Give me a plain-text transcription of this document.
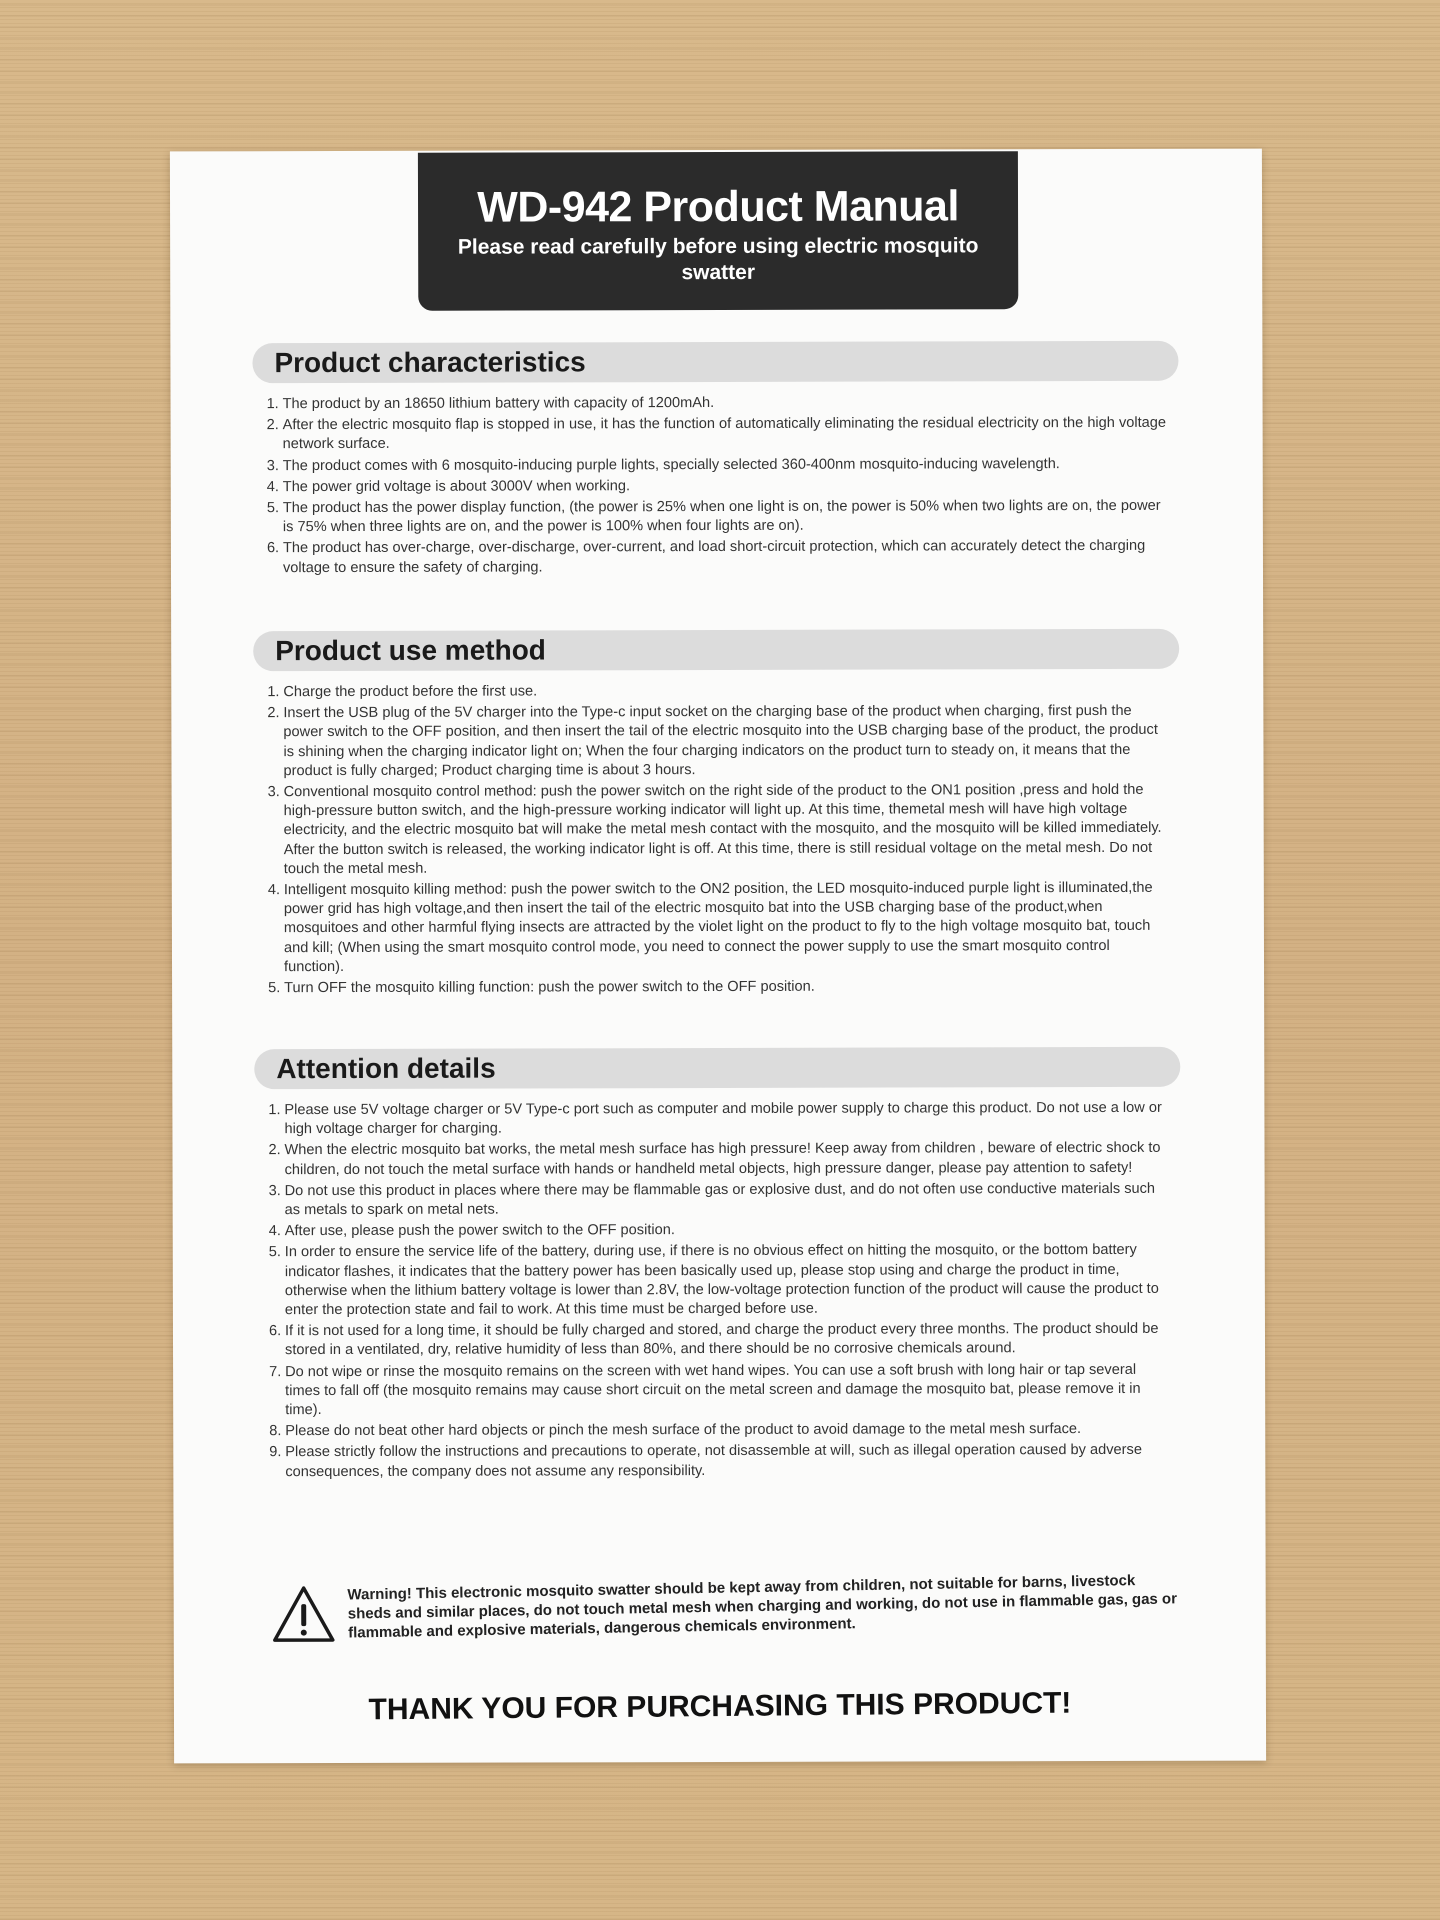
WD-942 Product Manual
Please read carefully before using electric mosquito swatter
Product characteristics
1. The product by an 18650 lithium battery with capacity of 1200mAh.
2. After the electric mosquito flap is stopped in use, it has the function of automatically eliminating the residual electricity on the high voltage network surface.
3. The product comes with 6 mosquito-inducing purple lights, specially selected 360-400nm mosquito-inducing wavelength.
4. The power grid voltage is about 3000V when working.
5. The product has the power display function, (the power is 25% when one light is on, the power is 50% when two lights are on, the power is 75% when three lights are on, and the power is 100% when four lights are on).
6. The product has over-charge, over-discharge, over-current, and load short-circuit protection, which can accurately detect the charging voltage to ensure the safety of charging.
Product use method
1. Charge the product before the first use.
2. Insert the USB plug of the 5V charger into the Type-c input socket on the charging base of the product when charging, first push the power switch to the OFF position, and then insert the tail of the electric mosquito into the USB charging base of the product, the product is shining when the charging indicator light on; When the four charging indicators on the product turn to steady on, it means that the product is fully charged; Product charging time is about 3 hours.
3. Conventional mosquito control method: push the power switch on the right side of the product to the ON1 position ,press and hold the high-pressure button switch, and the high-pressure working indicator will light up. At this time, themetal mesh will have high voltage electricity, and the electric mosquito bat will make the metal mesh contact with the mosquito, and the mosquito will be killed immediately. After the button switch is released, the working indicator light is off. At this time, there is still residual voltage on the metal mesh. Do not touch the metal mesh.
4. Intelligent mosquito killing method: push the power switch to the ON2 position, the LED mosquito-induced purple light is illuminated,the power grid has high voltage,and then insert the tail of the electric mosquito bat into the USB charging base of the product,when mosquitoes and other harmful flying insects are attracted by the violet light on the product to fly to the high voltage mosquito bat, touch and kill; (When using the smart mosquito control mode, you need to connect the power supply to use the smart mosquito control function).
5. Turn OFF the mosquito killing function: push the power switch to the OFF position.
Attention details
1. Please use 5V voltage charger or 5V Type-c port such as computer and mobile power supply to charge this product. Do not use a low or high voltage charger for charging.
2. When the electric mosquito bat works, the metal mesh surface has high pressure! Keep away from children , beware of electric shock to children, do not touch the metal surface with hands or handheld metal objects, high pressure danger, please pay attention to safety!
3. Do not use this product in places where there may be flammable gas or explosive dust, and do not often use conductive materials such as metals to spark on metal nets.
4. After use, please push the power switch to the OFF position.
5. In order to ensure the service life of the battery, during use, if there is no obvious effect on hitting the mosquito, or the bottom battery indicator flashes, it indicates that the battery power has been basically used up, please stop using and charge the product in time, otherwise when the lithium battery voltage is lower than 2.8V, the low-voltage protection function of the product will cause the product to enter the protection state and fail to work. At this time must be charged before use.
6. If it is not used for a long time, it should be fully charged and stored, and charge the product every three months. The product should be stored in a ventilated, dry, relative humidity of less than 80%, and there should be no corrosive chemicals around.
7. Do not wipe or rinse the mosquito remains on the screen with wet hand wipes. You can use a soft brush with long hair or tap several times to fall off (the mosquito remains may cause short circuit on the metal screen and damage the mosquito bat, please remove it in time).
8. Please do not beat other hard objects or pinch the mesh surface of the product to avoid damage to the metal mesh surface.
9. Please strictly follow the instructions and precautions to operate, not disassemble at will, such as illegal operation caused by adverse consequences, the company does not assume any responsibility.
Warning! This electronic mosquito swatter should be kept away from children, not suitable for barns, livestock sheds and similar places, do not touch metal mesh when charging and working, do not use in flammable gas, gas or flammable and explosive materials, dangerous chemicals environment.
THANK YOU FOR PURCHASING THIS PRODUCT!
